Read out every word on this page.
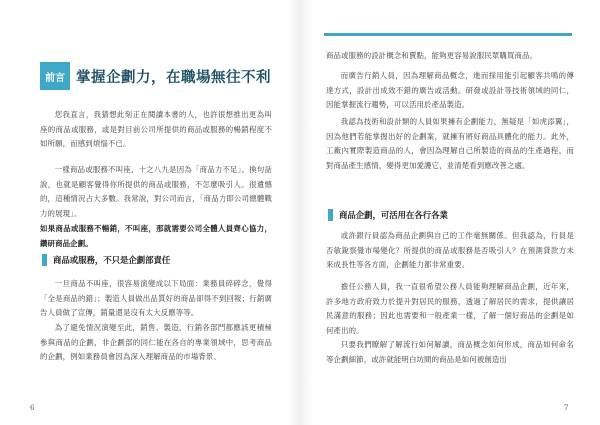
前言 掌握企劃力，在職場無往不利

您我直言，我猜想此刻正在閱讀本書的人，也許很想推出更為叫座的商品或服務，或是對目前公司所提供的商品或服務的暢銷程度不如所願，而感到煩惱不已。

一樣商品或服務不叫座，十之八九是因為「商品力不足」。換句話說，也就是顧客覺得你所提供的商品或服務，不怎麼吸引人。很遺憾的，這種情況占大多數。我常說，對公司而言，「商品力即公司總體戰力的展現」。

如果商品或服務不暢銷，不叫座，那就需要公司全體人員齊心協力，鑽研商品企劃。

商品或服務，不只是企劃部責任

一旦商品不叫座，很容易演變成以下局面：業務員碎碎念，覺得「全是商品的錯」；製造人員做出品質好的商品卻得不到回報；行銷廣告人員做了宣傳，銷量還是沒有太大反應等等。

為了避免情況演變至此，銷售、製造、行銷各部門都應該更積極參與商品的企劃，非企劃部的同仁能在各自的專業領域中，思考商品的企劃，例如業務員會因為深入理解商品的市場背景、

6

商品或服務的設計概念和賣點，能夠更容易說服民眾購買商品。

而廣告行銷人員，因為理解商品概念，進而採用能引起顧客共鳴的傳達方式，設計出成效不錯的廣告或活動。研發或設計等技術領域的同仁，因能掌握流行趨勢，可以活用於產品製造。

我認為技術和設計類的人員如果擁有企劃能力，無疑是「如虎添翼」，因為他們若能掌握出好的企劃案，就擁有將好商品具體化的能力。此外，工廠內實際製造商品的人，會因為理解自己所製造的商品的生產過程，而對商品產生感情，變得更加愛護它，並清楚看到應改善之處。

商品企劃，可活用在各行各業

或許銀行員認為商品企劃與自己的工作毫無關係。但我認為，行員是否敏銳察覺市場變化？所提供的商品或服務是否吸引人？在預測貸款方未來成長性等各方面，企劃能力都非常重要。

擔任公務人員，我一直很希望公務人員能夠理解商品企劃，近年來，許多地方政府致力於提升對居民的服務，透過了解居民的需求，提供讓居民滿意的服務；因此也需要和一般產業一樣，了解一個好商品的企劃是如何產出的。

只要我們瞭解了解流行如何解讀，商品概念如何形成，商品如何命名等企劃細節，或許就能明白坊間的商品是如何被創造出

7
